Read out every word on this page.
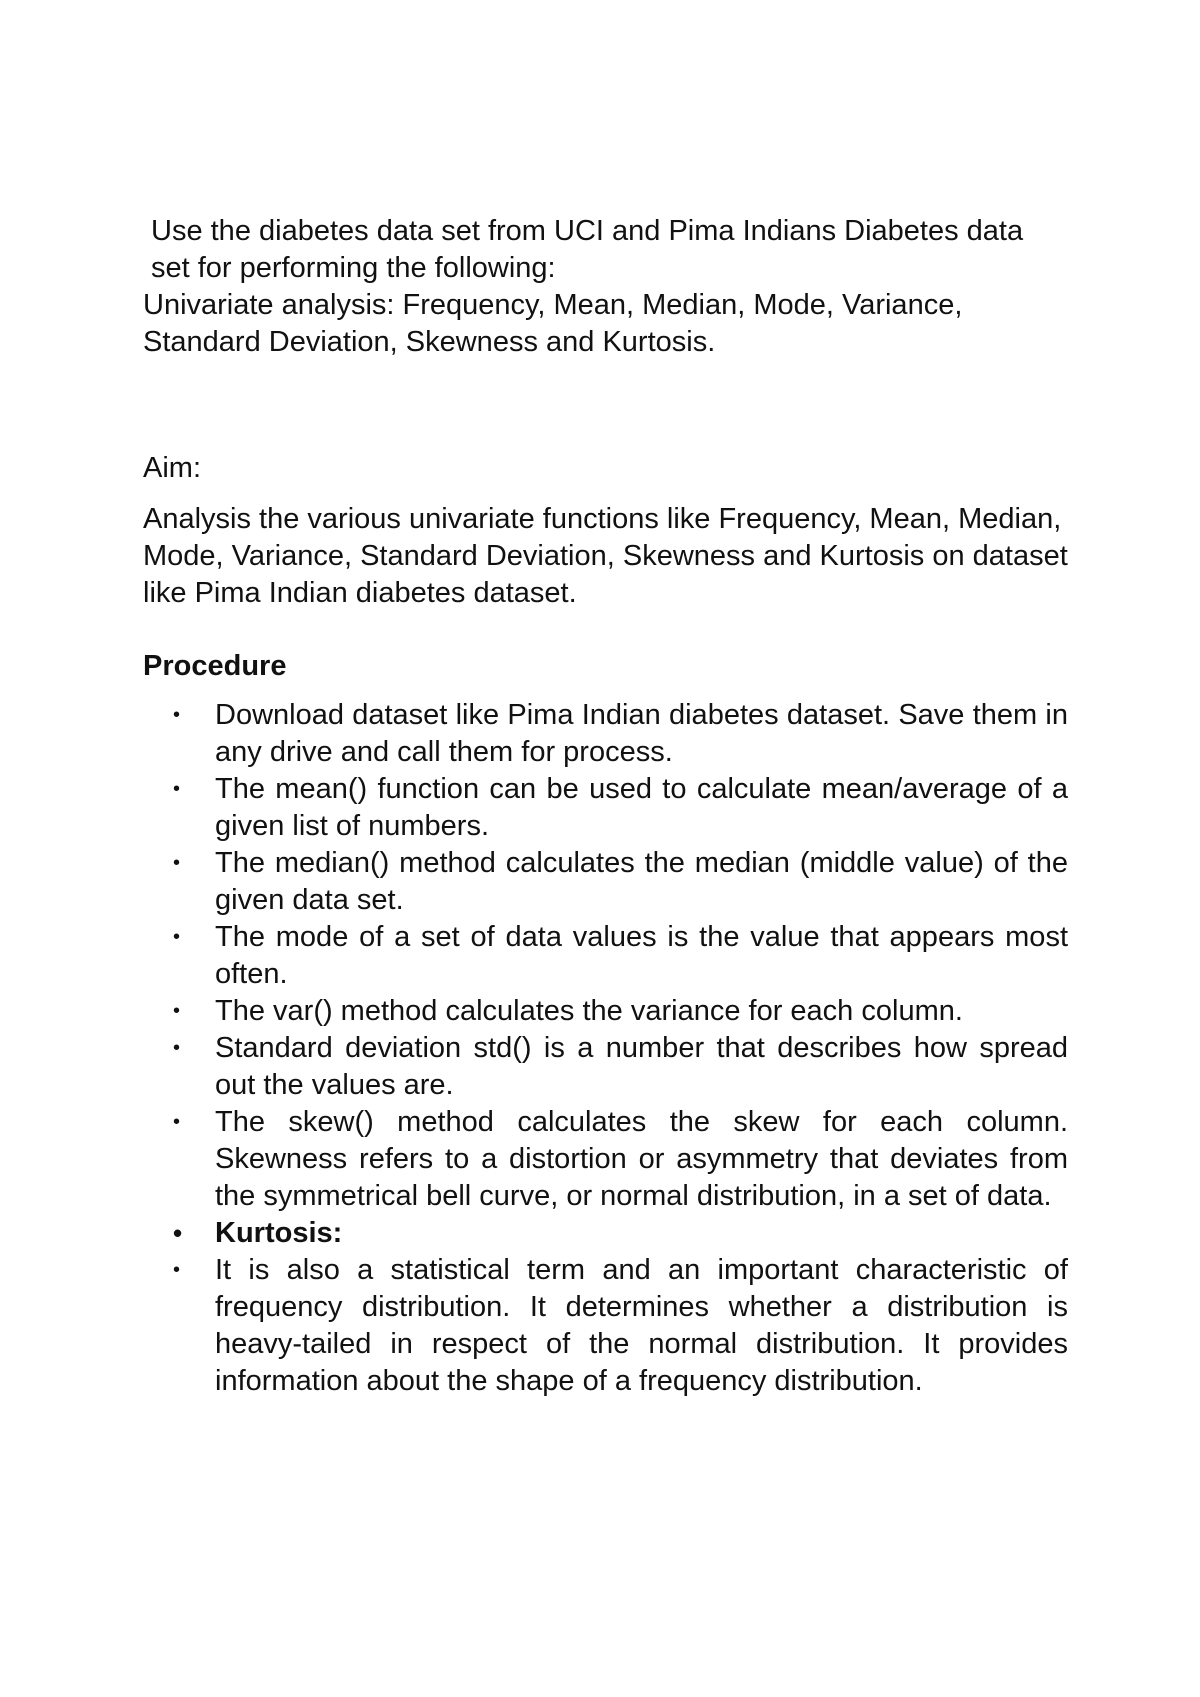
Use the diabetes data set from UCI and Pima Indians Diabetes data set for performing the following:

Univariate analysis: Frequency, Mean, Median, Mode, Variance, Standard Deviation, Skewness and Kurtosis.

Aim:

Analysis the various univariate functions like Frequency, Mean, Median, Mode, Variance, Standard Deviation, Skewness and Kurtosis on dataset like Pima Indian diabetes dataset.

Procedure
• Download dataset like Pima Indian diabetes dataset. Save them in any drive and call them for process.
• The mean() function can be used to calculate mean/average of a given list of numbers.
• The median() method calculates the median (middle value) of the given data set.
• The mode of a set of data values is the value that appears most often.
• The var() method calculates the variance for each column.
• Standard deviation std() is a number that describes how spread out the values are.
• The skew() method calculates the skew for each column. Skewness refers to a distortion or asymmetry that deviates from the symmetrical bell curve, or normal distribution, in a set of data.
• Kurtosis:
• It is also a statistical term and an important characteristic of frequency distribution. It determines whether a distribution is heavy-tailed in respect of the normal distribution. It provides information about the shape of a frequency distribution.
